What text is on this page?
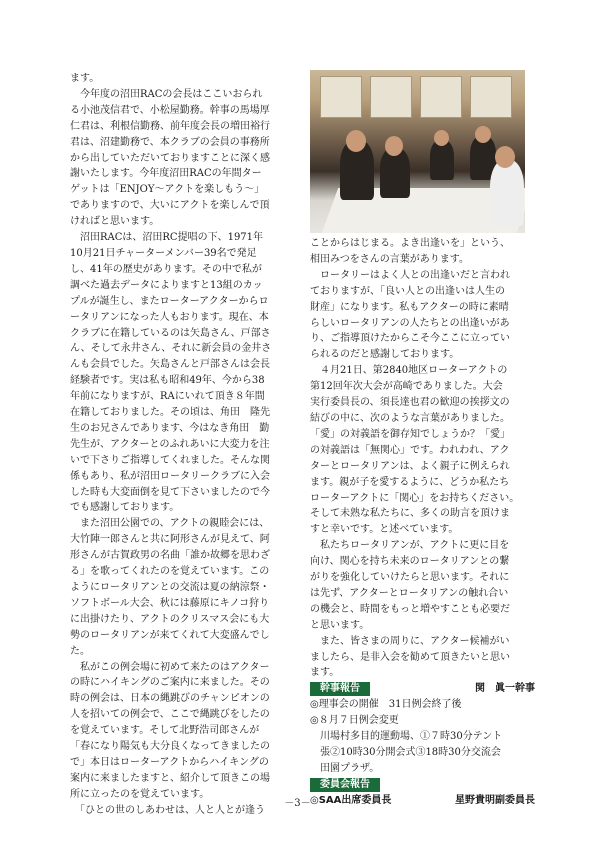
ます。

　今年度の沼田RACの会長はここいおられ

る小池茂信君で、小松屋勤務。幹事の馬場厚

仁君は、利根信勤務、前年度会長の増田裕行

君は、沼建勤務で、本クラブの会員の事務所

から出していただいておりますことに深く感

謝いたします。今年度沼田RACの年間ター

ゲットは「ENJOY～アクトを楽しもう～」

でありますので、大いにアクトを楽しんで頂

ければと思います。

　沼田RACは、沼田RC提唱の下、1971年

10月21日チャーターメンバー39名で発足

し、41年の歴史があります。その中で私が

調べた過去データによりますと13組のカッ

プルが誕生し、またローターアクターからロ

ータリアンになった人もおります。現在、本

クラブに在籍しているのは矢島さん、戸部さ

ん、そして永井さん、それに新会員の金井さ

んも会員でした。矢島さんと戸部さんは会長

経験者です。実は私も昭和49年、今から38

年前になりますが、RAにいれて頂き８年間

在籍しておりました。その頃は、角田　隆先

生のお兄さんであります、今はなき角田　勤

先生が、アクターとのふれあいに大変力を注

いで下さりご指導してくれました。そんな関

係もあり、私が沼田ロータリークラブに入会

した時も大変面倒を見て下さいましたので今

でも感謝しております。

　また沼田公園での、アクトの親睦会には、

大竹陣一郎さんと共に阿形さんが見えて、阿

形さんが古賀政男の名曲「誰か故郷を思わざ

る」を歌ってくれたのを覚えています。この

ようにロータリアンとの交流は夏の納涼祭・

ソフトボール大会、秋には藤原にキノコ狩り

に出掛けたり、アクトのクリスマス会にも大

勢のロータリアンが来てくれて大変盛んでし

た。

　私がこの例会場に初めて来たのはアクター

の時にハイキングのご案内に来ました。その

時の例会は、日本の縄跳びのチャンピオンの

人を招いての例会で、ここで縄跳びをしたの

を覚えています。そして北野浩司郎さんが

「春になり陽気も大分良くなってきましたの

で」本日はローターアクトからハイキングの

案内に来ましたますと、紹介して頂きこの場

所に立ったのを覚えています。

　「ひとの世のしあわせは、人と人とが逢う

ことからはじまる。よき出逢いを」という、

相田みつをさんの言葉があります。

　ロータリーはよく人との出逢いだと言われ

ておりますが、「良い人との出逢いは人生の

財産」になります。私もアクターの時に素晴

らしいロータリアンの人たちとの出逢いがあ

り、ご指導頂けたからこそ今ここに立ってい

られるのだと感謝しております。

　４月21日、第2840地区ローターアクトの

第12回年次大会が高崎でありました。大会

実行委員長の、須長達也君の歓迎の挨拶文の

結びの中に、次のような言葉がありました。

「愛」の対義語を御存知でしょうか？「愛」

の対義語は「無関心」です。われわれ、アク

ターとロータリアンは、よく親子に例えられ

ます。親が子を愛するように、どうか私たち

ローターアクトに「関心」をお持ちください。

そして未熟な私たちに、多くの助言を頂けま

すと幸いです。と述べています。

　私たちロータリアンが、アクトに更に目を

向け、関心を持ち未来のロータリアンとの繋

がりを強化していけたらと思います。それに

は先ず、アクターとロータリアンの触れ合い

の機会と、時間をもっと増やすことも必要だ

と思います。

　また、皆さまの周りに、アクター候補がい

ましたら、是非入会を勧めて頂きたいと思い

ます。

幹事報告	関　眞一幹事

◎理事会の開催　31日例会終了後

◎８月７日例会変更

　川場村多目的運動場、①７時30分テント

　張②10時30分開会式③18時30分交流会

　田園プラザ。

委員会報告
◎SAA出席委員長	星野貴明副委員長
－3－
